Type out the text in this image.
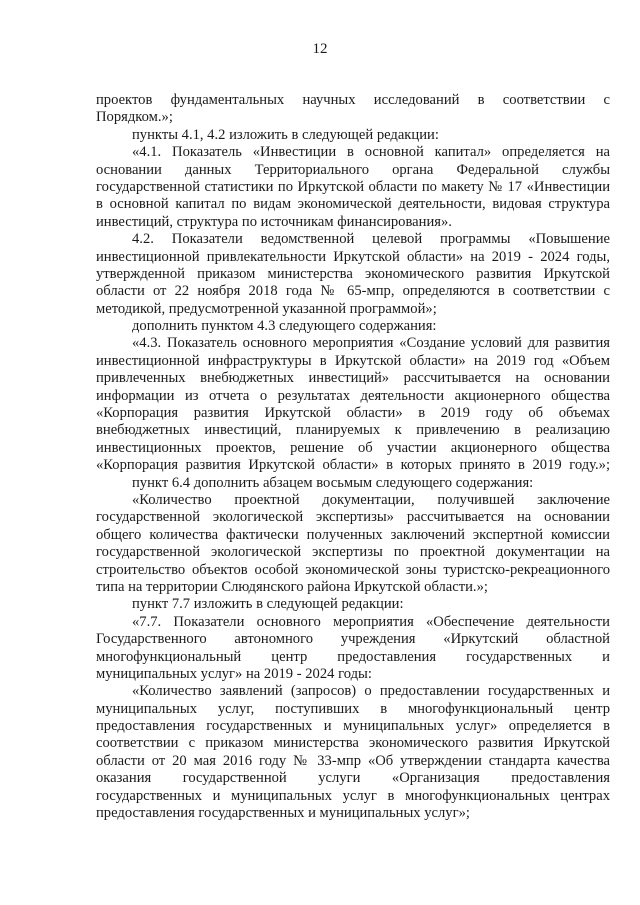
12
проектов фундаментальных научных исследований в соответствии с
Порядком.»;
пункты 4.1, 4.2 изложить в следующей редакции:
«4.1. Показатель «Инвестиции в основной капитал» определяется на
основании данных Территориального органа Федеральной службы
государственной статистики по Иркутской области по макету № 17 «Инвестиции
в основной капитал по видам экономической деятельности, видовая структура
инвестиций, структура по источникам финансирования».
4.2. Показатели ведомственной целевой программы «Повышение
инвестиционной привлекательности Иркутской области» на 2019 - 2024 годы,
утвержденной приказом министерства экономического развития Иркутской
области от 22 ноября 2018 года № 65-мпр, определяются в соответствии с
методикой, предусмотренной указанной программой»;
дополнить пунктом 4.3 следующего содержания:
«4.3. Показатель основного мероприятия «Создание условий для развития
инвестиционной инфраструктуры в Иркутской области» на 2019 год «Объем
привлеченных внебюджетных инвестиций» рассчитывается на основании
информации из отчета о результатах деятельности акционерного общества
«Корпорация развития Иркутской области» в 2019 году об объемах
внебюджетных инвестиций, планируемых к привлечению в реализацию
инвестиционных проектов, решение об участии акционерного общества
«Корпорация развития Иркутской области» в которых принято в 2019 году.»;
пункт 6.4 дополнить абзацем восьмым следующего содержания:
«Количество проектной документации, получившей заключение
государственной экологической экспертизы» рассчитывается на основании
общего количества фактически полученных заключений экспертной комиссии
государственной экологической экспертизы по проектной документации на
строительство объектов особой экономической зоны туристско-рекреационного
типа на территории Слюдянского района Иркутской области.»;
пункт 7.7 изложить в следующей редакции:
«7.7. Показатели основного мероприятия «Обеспечение деятельности
Государственного автономного учреждения «Иркутский областной
многофункциональный центр предоставления государственных и
муниципальных услуг» на 2019 - 2024 годы:
«Количество заявлений (запросов) о предоставлении государственных и
муниципальных услуг, поступивших в многофункциональный центр
предоставления государственных и муниципальных услуг» определяется в
соответствии с приказом министерства экономического развития Иркутской
области от 20 мая 2016 году № 33-мпр «Об утверждении стандарта качества
оказания государственной услуги «Организация предоставления
государственных и муниципальных услуг в многофункциональных центрах
предоставления государственных и муниципальных услуг»;
